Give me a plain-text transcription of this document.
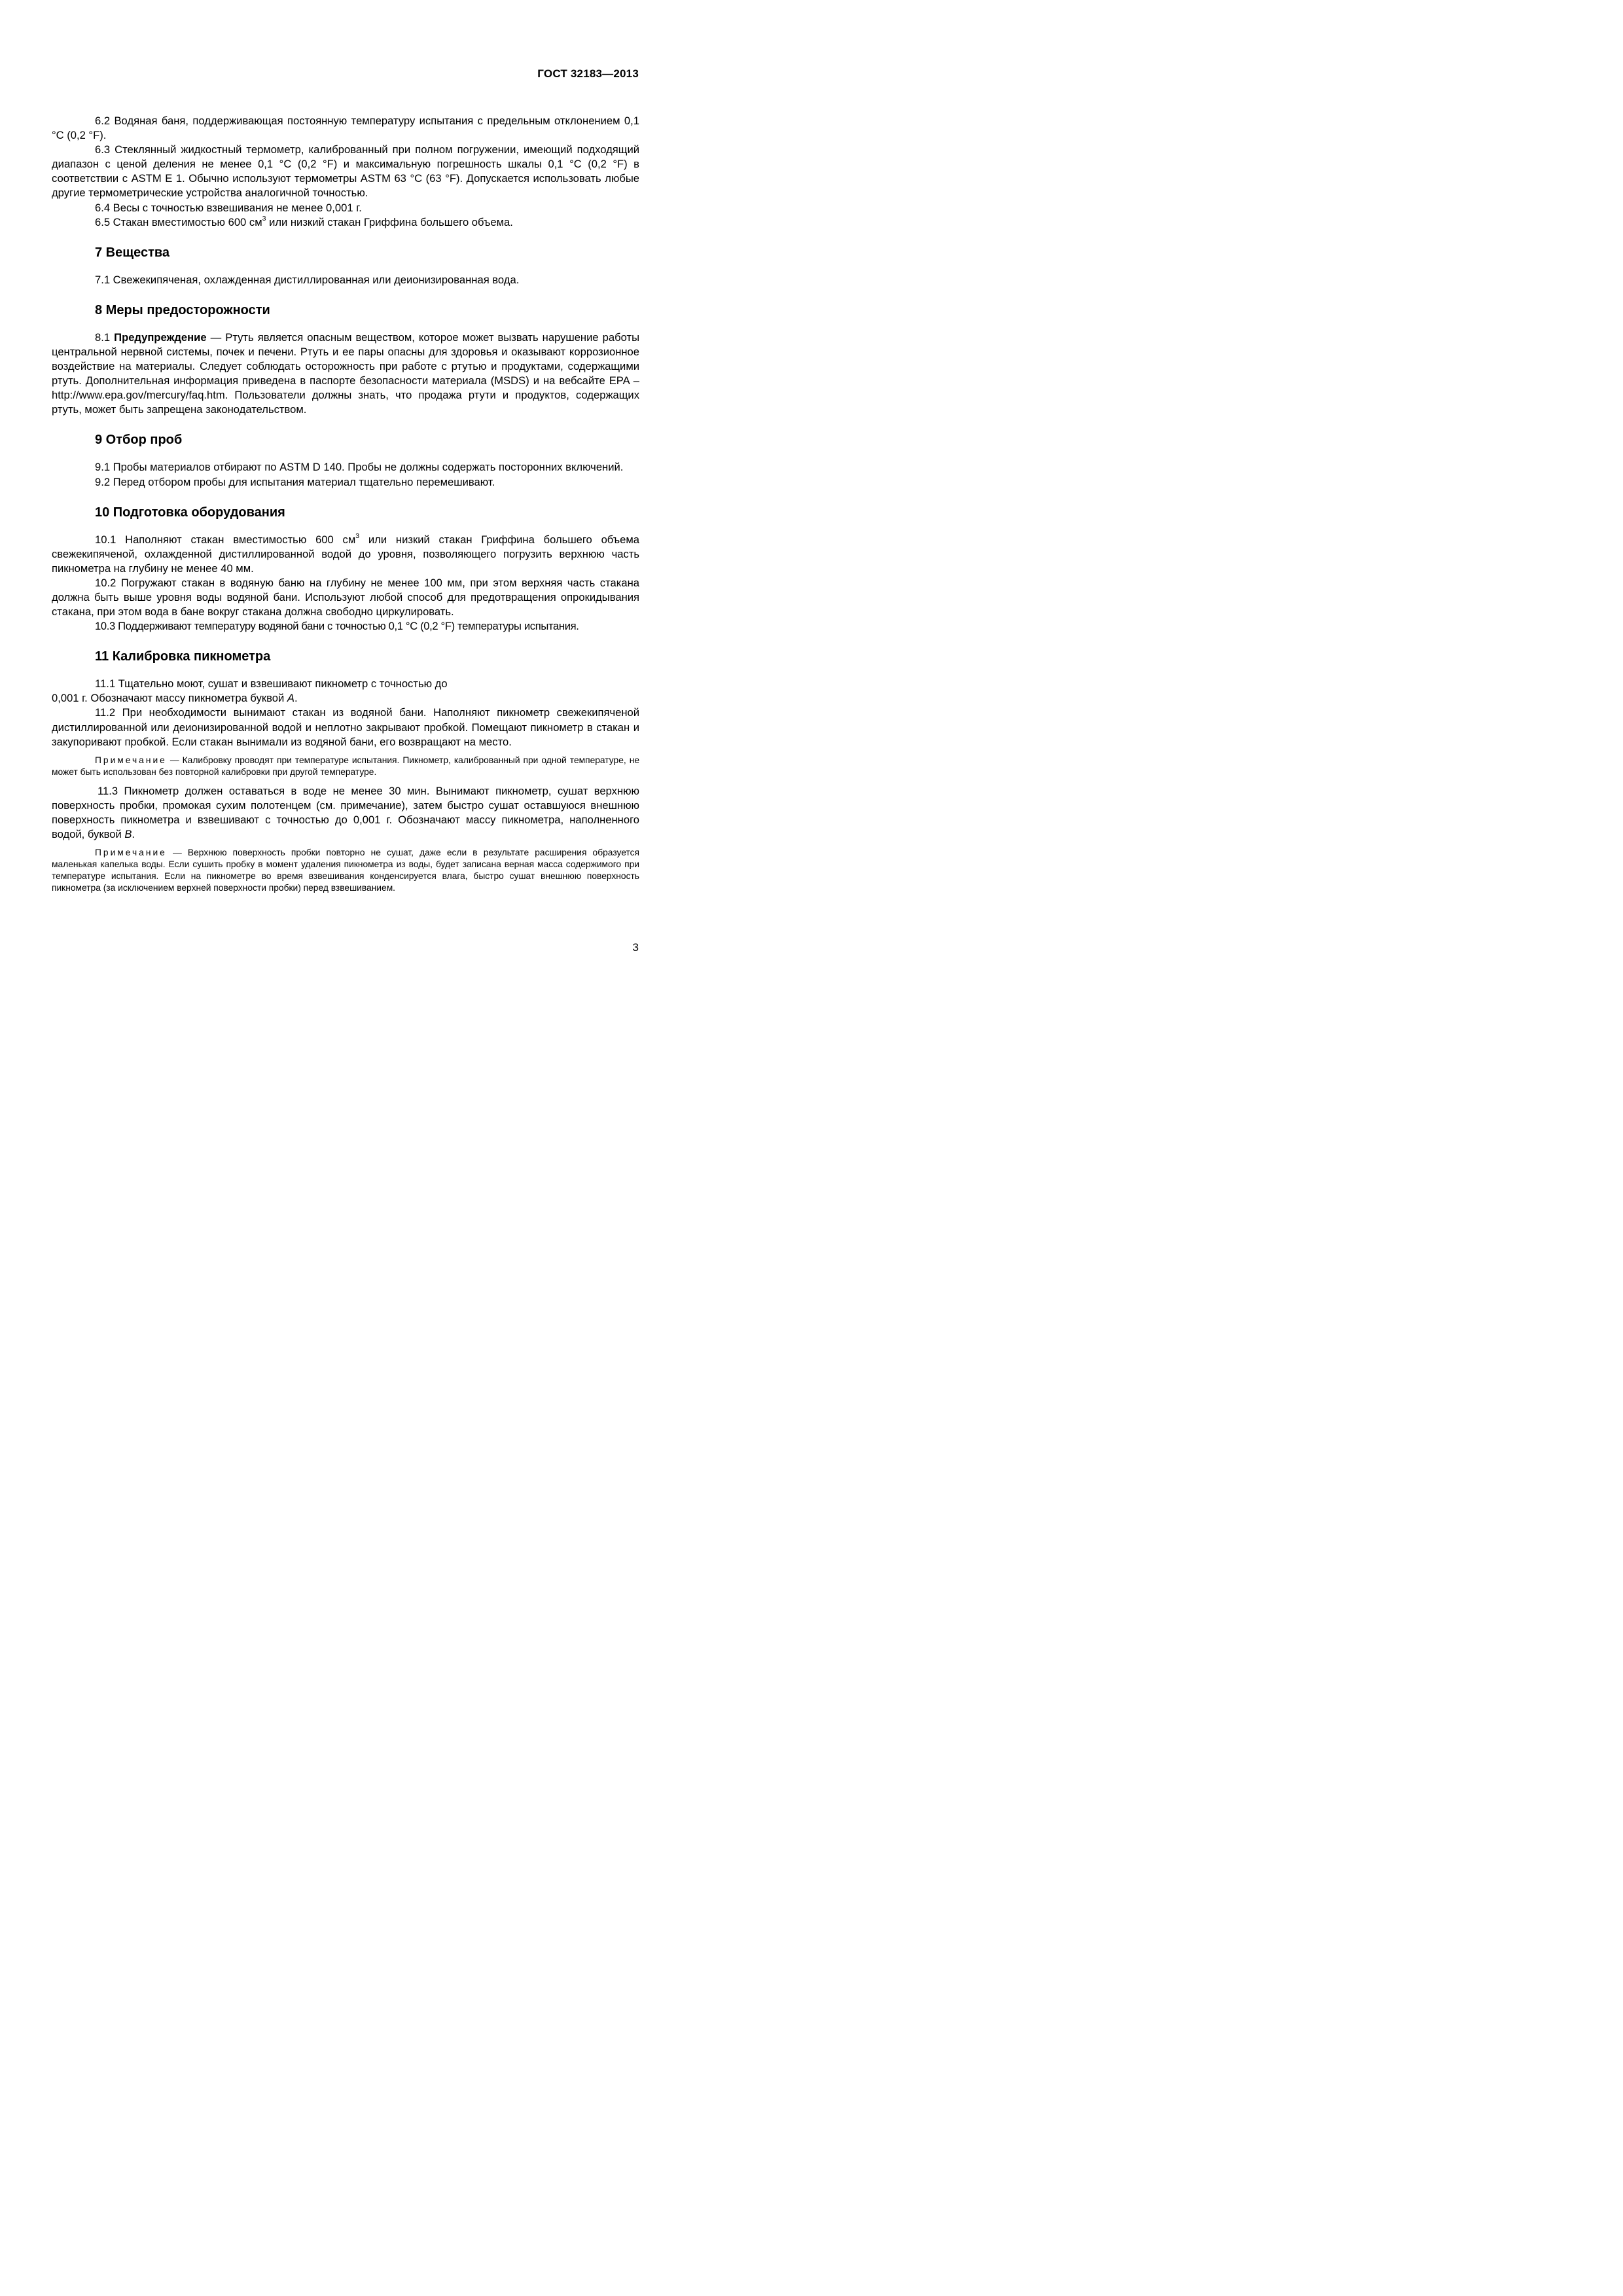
ГОСТ 32183—2013

6.2 Водяная баня, поддерживающая постоянную температуру испытания с предельным отклонением 0,1 °С (0,2 °F).

6.3 Стеклянный жидкостный термометр, калиброванный при полном погружении, имеющий подходящий диапазон с ценой деления не менее 0,1 °С (0,2 °F) и максимальную погрешность шкалы 0,1 °С (0,2 °F) в соответствии с ASTM E 1. Обычно используют термометры ASTM 63 °С (63 °F). Допускается использовать любые другие термометрические устройства аналогичной точностью.

6.4 Весы с точностью взвешивания не менее 0,001 г.

6.5 Стакан вместимостью 600 $см^3$ или низкий стакан Гриффина большего объема.

7 Вещества

7.1 Свежекипяченая, охлажденная дистиллированная или деионизированная вода.

8 Меры предосторожности

8.1 Предупреждение — Ртуть является опасным веществом, которое может вызвать нарушение работы центральной нервной системы, почек и печени. Ртуть и ее пары опасны для здоровья и оказывают коррозионное воздействие на материалы. Следует соблюдать осторожность при работе с ртутью и продуктами, содержащими ртуть. Дополнительная информация приведена в паспорте безопасности материала (MSDS) и на вебсайте EPA – http://www.epa.gov/mercury/faq.htm. Пользователи должны знать, что продажа ртути и продуктов, содержащих ртуть, может быть запрещена законодательством.

9 Отбор проб

9.1 Пробы материалов отбирают по ASTM D 140. Пробы не должны содержать посторонних включений.

9.2 Перед отбором пробы для испытания материал тщательно перемешивают.

10 Подготовка оборудования

10.1 Наполняют стакан вместимостью 600 $см^3$ или низкий стакан Гриффина большего объема свежекипяченой, охлажденной дистиллированной водой до уровня, позволяющего погрузить верхнюю часть пикнометра на глубину не менее 40 мм.

10.2 Погружают стакан в водяную баню на глубину не менее 100 мм, при этом верхняя часть стакана должна быть выше уровня воды водяной бани. Используют любой способ для предотвращения опрокидывания стакана, при этом вода в бане вокруг стакана должна свободно циркулировать.

10.3 Поддерживают температуру водяной бани с точностью 0,1 °С (0,2 °F) температуры испытания.

11 Калибровка пикнометра

11.1 Тщательно моют, сушат и взвешивают пикнометр с точностью до

0,001 г. Обозначают массу пикнометра буквой А.

11.2 При необходимости вынимают стакан из водяной бани. Наполняют пикнометр свежекипяченой дистиллированной или деионизированной водой и неплотно закрывают пробкой. Помещают пикнометр в стакан и закупоривают пробкой. Если стакан вынимали из водяной бани, его возвращают на место.

Примечание — Калибровку проводят при температуре испытания. Пикнометр, калиброванный при одной температуре, не может быть использован без повторной калибровки при другой температуре.

11.3 Пикнометр должен оставаться в воде не менее 30 мин. Вынимают пикнометр, сушат верхнюю поверхность пробки, промокая сухим полотенцем (см. примечание), затем быстро сушат оставшуюся внешнюю поверхность пикнометра и взвешивают с точностью до 0,001 г. Обозначают массу пикнометра, наполненного водой, буквой В.

Примечание — Верхнюю поверхность пробки повторно не сушат, даже если в результате расширения образуется маленькая капелька воды. Если сушить пробку в момент удаления пикнометра из воды, будет записана верная масса содержимого при температуре испытания. Если на пикнометре во время взвешивания конденсируется влага, быстро сушат внешнюю поверхность пикнометра (за исключением верхней поверхности пробки) перед взвешиванием.

3
